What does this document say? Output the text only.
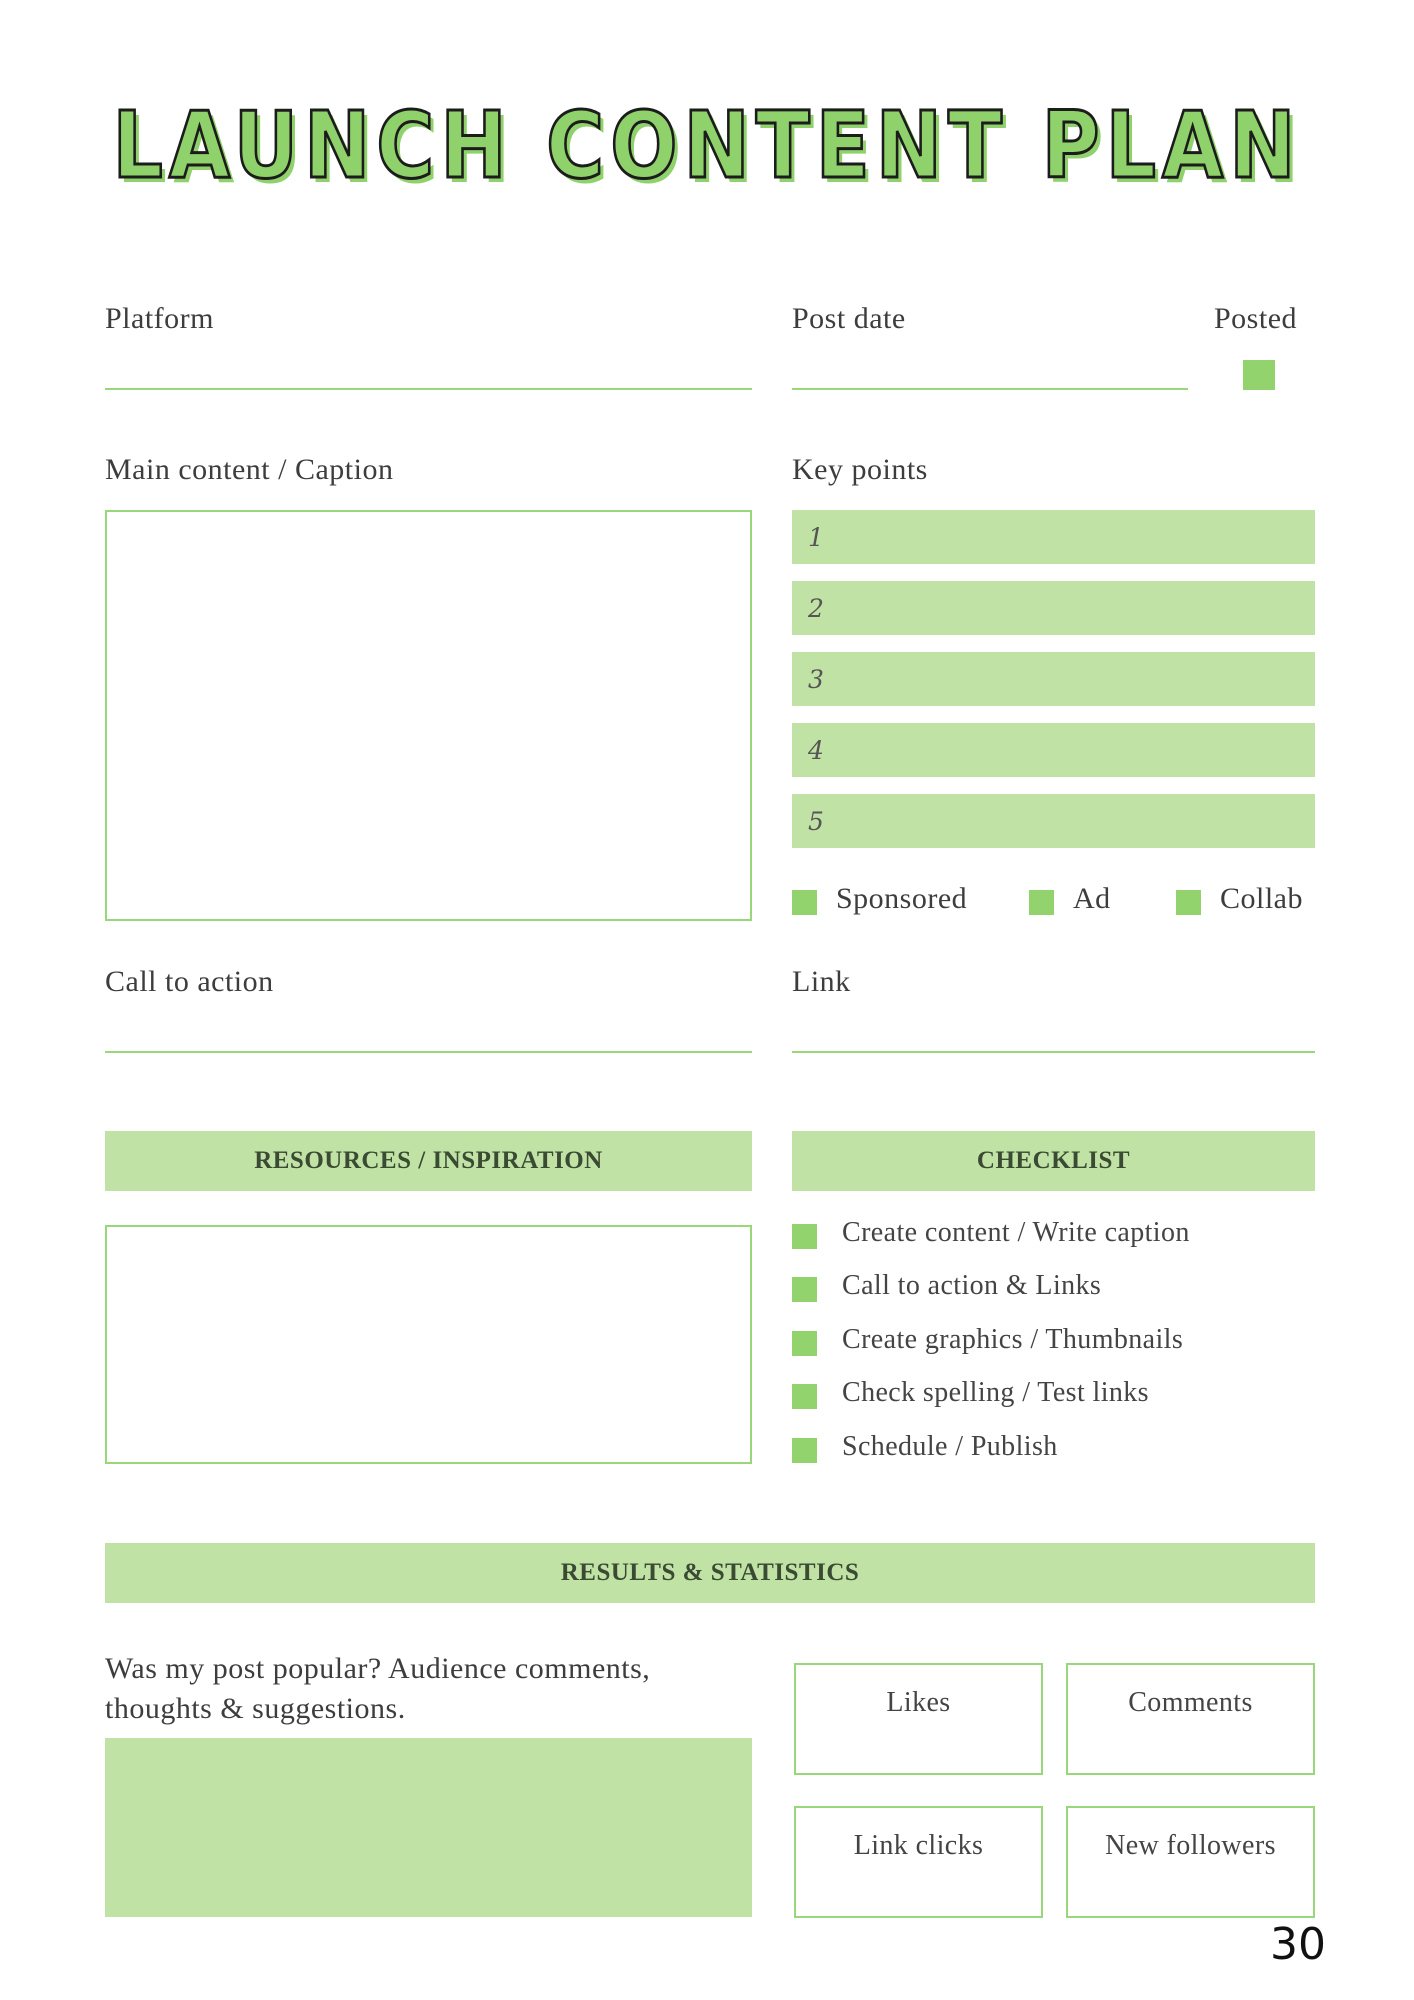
LAUNCH CONTENT PLAN
Platform	Post date	Posted
Main content / Caption	Key points
1
2
3
4
5
Sponsored	Ad	Collab
Call to action	Link
RESOURCES / INSPIRATION	CHECKLIST
Create content / Write caption
Call to action & Links
Create graphics / Thumbnails
Check spelling / Test links
Schedule / Publish
RESULTS & STATISTICS
Was my post popular? Audience comments, thoughts & suggestions.	Likes	Comments
Link clicks	New followers
30
